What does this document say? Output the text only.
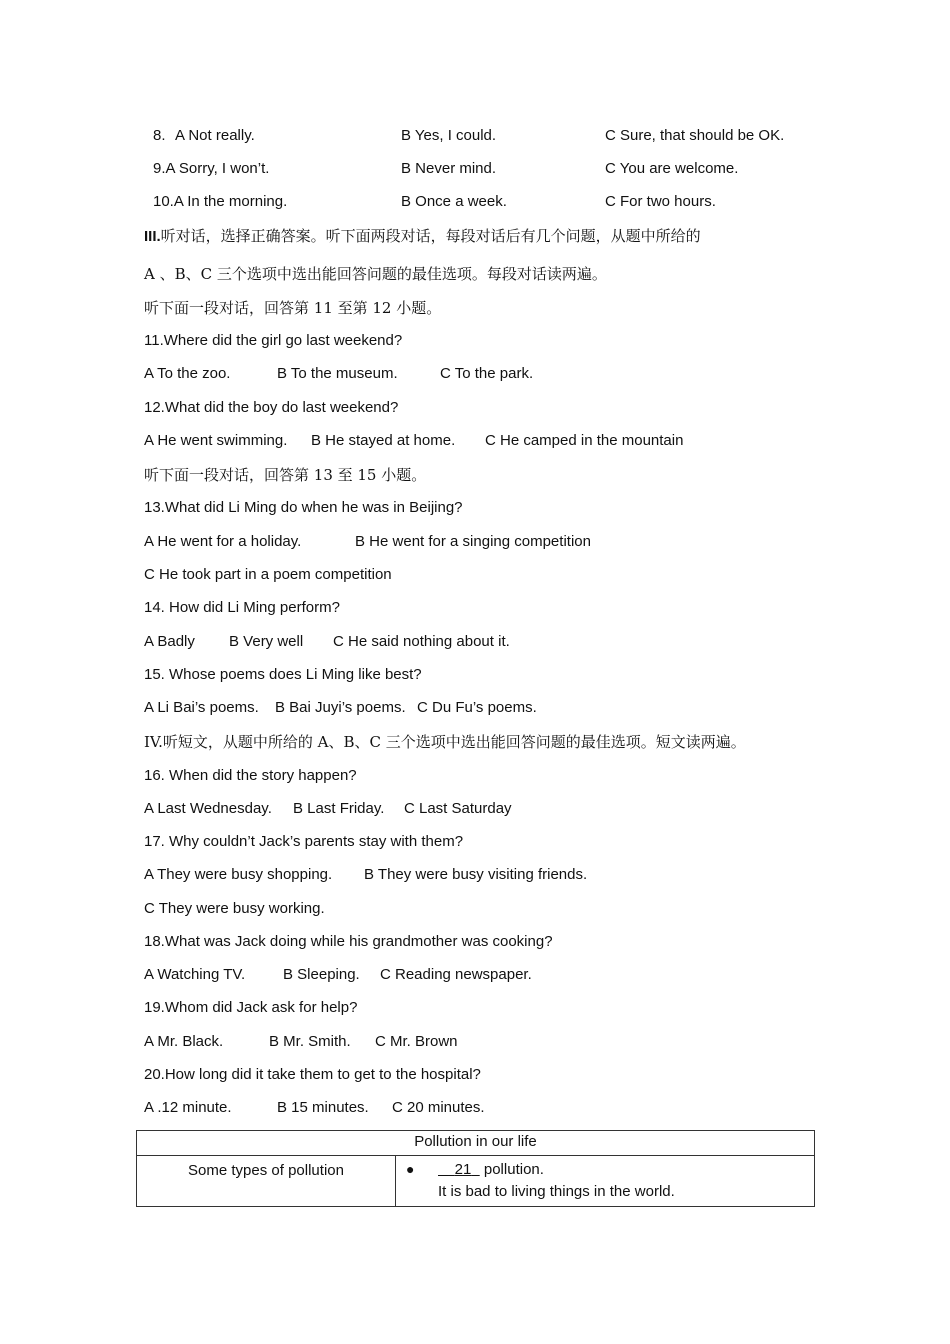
8. A Not really.	B Yes, I could.	C Sure, that should be OK.
9.A Sorry, I won’t.	B Never mind.	C You are welcome.
10.A In the morning.	B Once a week.	C For two hours.
III.听对话，选择正确答案。听下面两段对话，每段对话后有几个问题，从题中所给的
A 、B、C 三个选项中选出能回答问题的最佳选项。每段对话读两遍。
听下面一段对话，回答第 11 至第 12 小题。
11.Where did the girl go last weekend?
A To the zoo.	B To the museum.	C To the park.
12.What did the boy do last weekend?
A He went swimming. B He stayed at home. C He camped in the mountain
听下面一段对话，回答第 13 至 15 小题。
13.What did Li Ming do when he was in Beijing?
A He went for a holiday.	B He went for a singing competition
C He took part in a poem competition
14. How did Li Ming perform?
A Badly B Very well C He said nothing about it.
15. Whose poems does Li Ming like best?
A Li Bai’s poems. B Bai Juyi’s poems. C Du Fu’s poems.
IV.听短文，从题中所给的 A、B、C 三个选项中选出能回答问题的最佳选项。短文读两遍。
16. When did the story happen?
A Last Wednesday. B Last Friday. C Last Saturday
17. Why couldn’t Jack’s parents stay with them?
A They were busy shopping. B They were busy visiting friends.
C They were busy working.
18.What was Jack doing while his grandmother was cooking?
A Watching TV.	B Sleeping. C Reading newspaper.
19.Whom did Jack ask for help?
A Mr. Black.	B Mr. Smith. C Mr. Brown
20.How long did it take them to get to the hospital?
A .12 minute.	B 15 minutes. C 20 minutes.
Pollution in our life
Some types of pollution	●	21   pollution.
It is bad to living things in the world.
